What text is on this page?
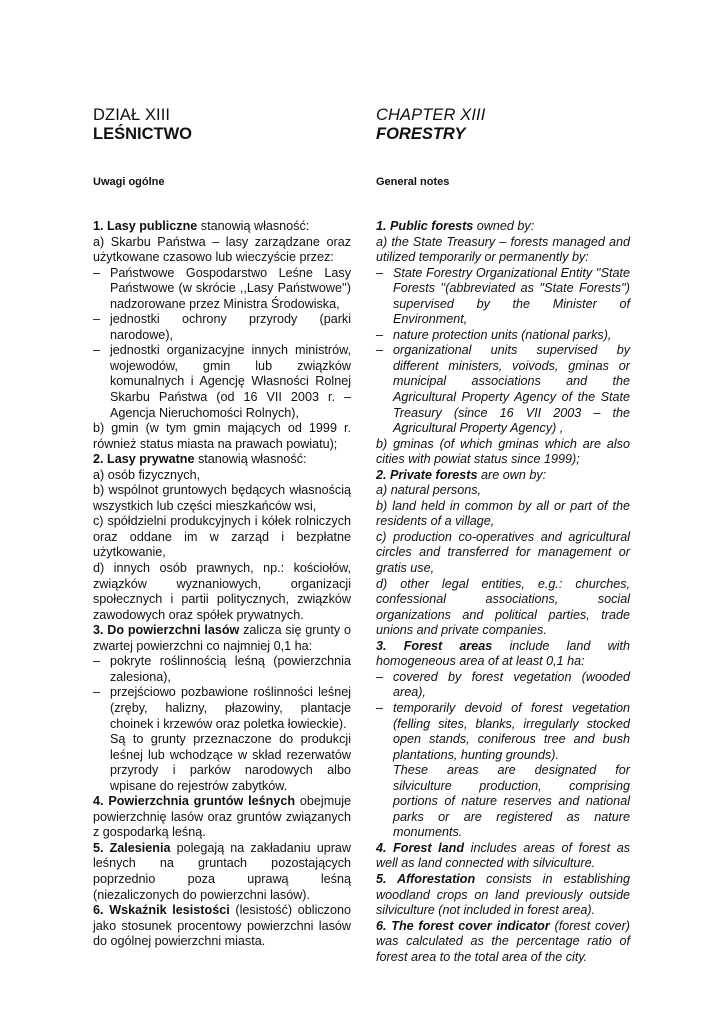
DZIAŁ XIII
LEŚNICTWO
Uwagi ogólne

1. Lasy publiczne stanowią własność:

a) Skarbu Państwa – lasy zarządzane oraz użytkowane czasowo lub wieczyście przez:

– Państwowe Gospodarstwo Leśne Lasy Państwowe (w skrócie ,,Lasy Państwowe'') nadzorowane przez Ministra Środowiska,

– jednostki ochrony przyrody (parki narodowe),

– jednostki organizacyjne innych ministrów, wojewodów, gmin lub związków komunalnych i Agencję Własności Rolnej Skarbu Państwa (od 16 VII 2003 r. – Agencja Nieruchomości Rolnych),

b) gmin (w tym gmin mających od 1999 r. również status miasta na prawach powiatu);

2. Lasy prywatne stanowią własność:

a) osób fizycznych,

b) wspólnot gruntowych będących własnością wszystkich lub części mieszkańców wsi,

c) spółdzielni produkcyjnych i kółek rolniczych oraz oddane im w zarząd i bezpłatne użytkowanie,

d) innych osób prawnych, np.: kościołów, związków wyznaniowych, organizacji społecznych i partii politycznych, związków zawodowych oraz spółek prywatnych.

3. Do powierzchni lasów zalicza się grunty o zwartej powierzchni co najmniej 0,1 ha:

– pokryte roślinnością leśną (powierzchnia zalesiona),

– przejściowo pozbawione roślinności leśnej (zręby, halizny, płazowiny, plantacje choinek i krzewów oraz poletka łowieckie).

Są to grunty przeznaczone do produkcji leśnej lub wchodzące w skład rezerwatów przyrody i parków narodowych albo wpisane do rejestrów zabytków.

4. Powierzchnia gruntów leśnych obejmuje powierzchnię lasów oraz gruntów związanych z gospodarką leśną.

5. Zalesienia polegają na zakładaniu upraw leśnych na gruntach pozostających poprzednio poza uprawą leśną (niezaliczonych do powierzchni lasów).

6. Wskaźnik lesistości (lesistość) obliczono jako stosunek procentowy powierzchni lasów do ogólnej powierzchni miasta.

CHAPTER XIII
FORESTRY
General notes

1. Public forests owned by:

a) the State Treasury – forests managed and utilized temporarily or permanently by:

– State Forestry Organizational Entity ''State Forests ''(abbreviated as ''State Forests'') supervised by the Minister of Environment,

– nature protection units (national parks),

– organizational units supervised by different ministers, voivods, gminas or municipal associations and the Agricultural Property Agency of the State Treasury (since 16 VII 2003 – the Agricultural Property Agency) ,

b) gminas (of which gminas which are also cities with powiat status since 1999);

2. Private forests are own by:

a) natural persons,

b) land held in common by all or part of the residents of a village,

c) production co-operatives and agricultural circles and transferred for management or gratis use,

d) other legal entities, e.g.: churches, confessional associations, social organizations and political parties, trade unions and private companies.

3. Forest areas include land with homogeneous area of at least 0,1 ha:

– covered by forest vegetation (wooded area),

– temporarily devoid of forest vegetation (felling sites, blanks, irregularly stocked open stands, coniferous tree and bush plantations, hunting grounds).

These areas are designated for silviculture production, comprising portions of nature reserves and national parks or are registered as nature monuments.

4. Forest land includes areas of forest as well as land connected with silviculture.

5. Afforestation consists in establishing woodland crops on land previously outside silviculture (not included in forest area).

6. The forest cover indicator (forest cover) was calculated as the percentage ratio of forest area to the total area of the city.
